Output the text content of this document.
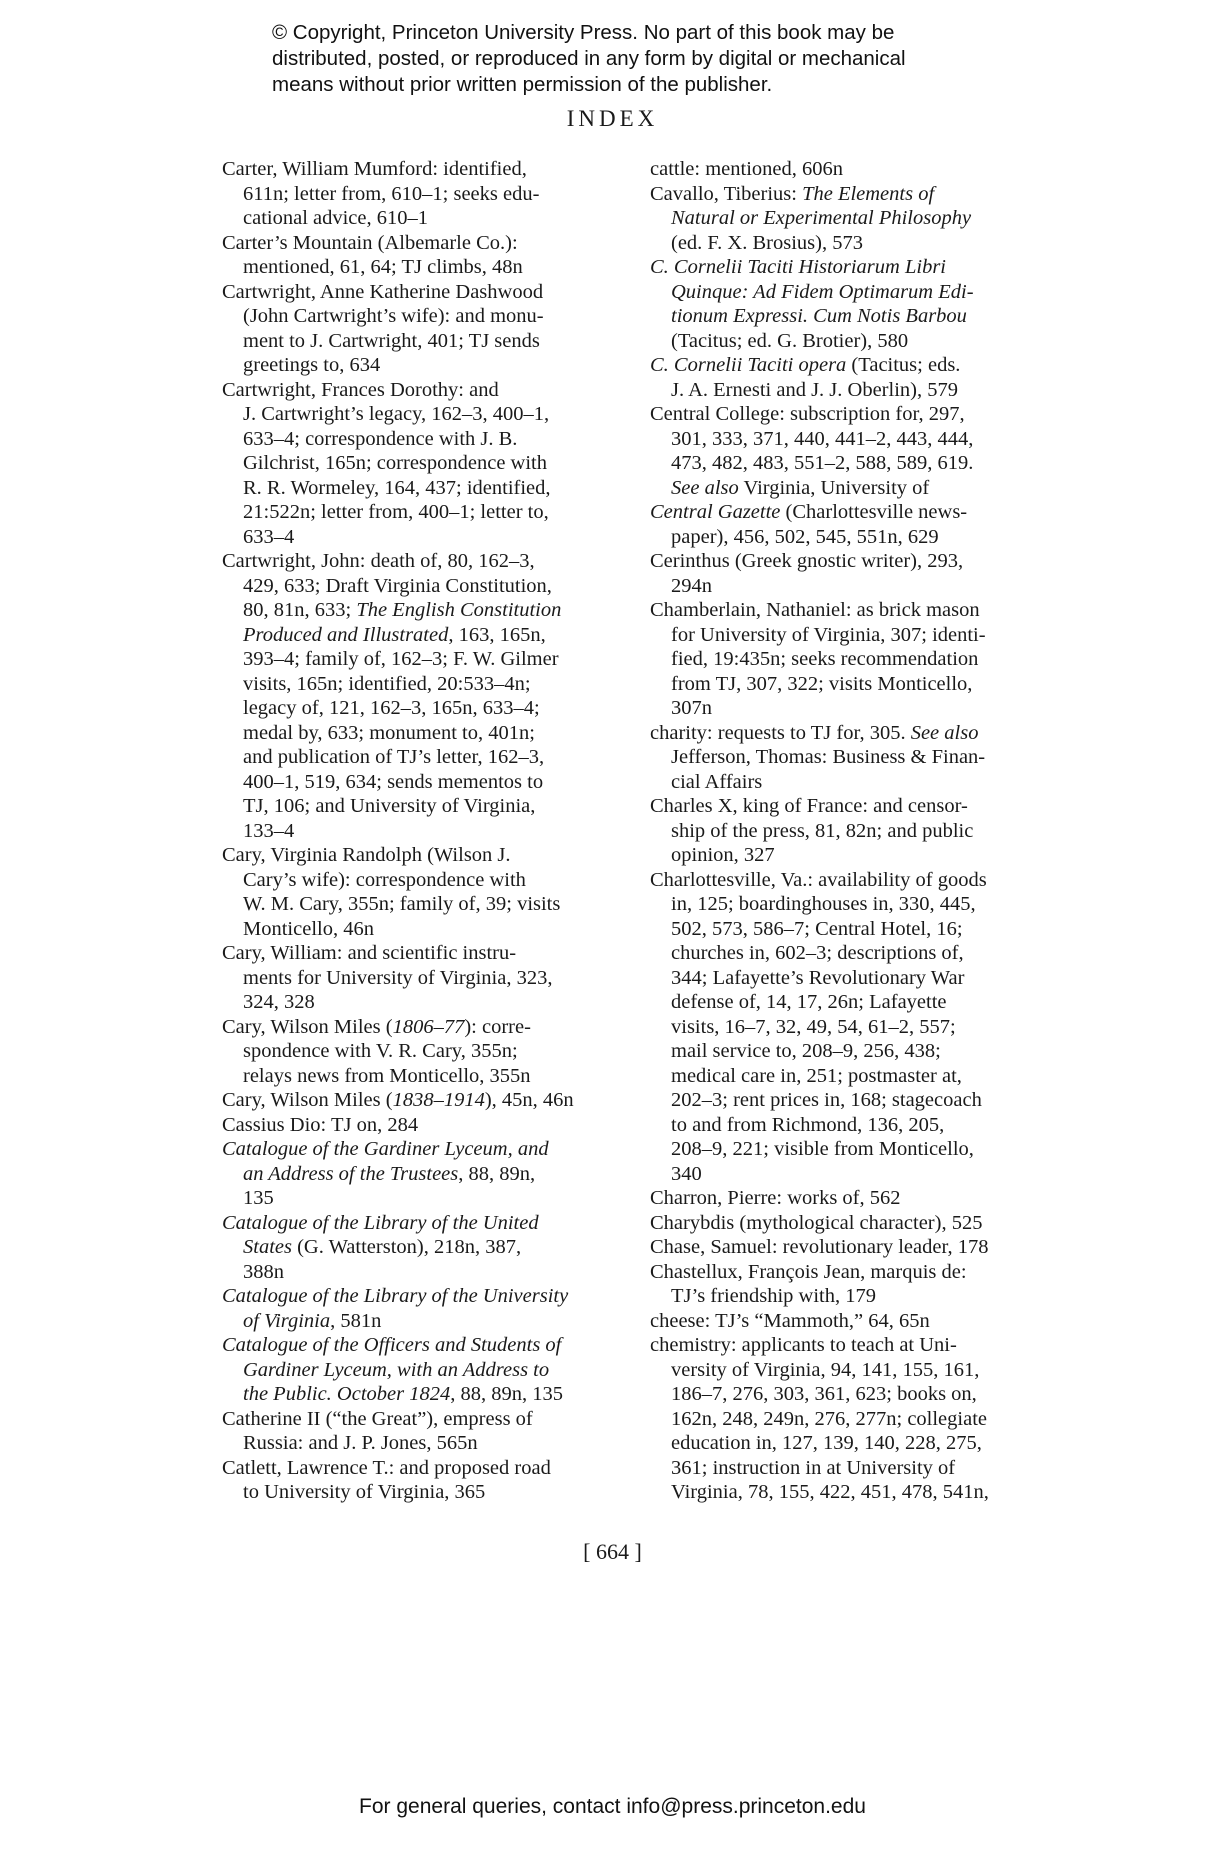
© Copyright, Princeton University Press. No part of this book may be
distributed, posted, or reproduced in any form by digital or mechanical
means without prior written permission of the publisher.
INDEX
Carter, William Mumford: identified,
611n; letter from, 610–1; seeks edu-
cational advice, 610–1
Carter’s Mountain (Albemarle Co.):
mentioned, 61, 64; TJ climbs, 48n
Cartwright, Anne Katherine Dashwood
(John Cartwright’s wife): and monu-
ment to J. Cartwright, 401; TJ sends
greetings to, 634
Cartwright, Frances Dorothy: and
J. Cartwright’s legacy, 162–3, 400–1,
633–4; correspondence with J. B.
Gilchrist, 165n; correspondence with
R. R. Wormeley, 164, 437; identified,
21:522n; letter from, 400–1; letter to,
633–4
Cartwright, John: death of, 80, 162–3,
429, 633; Draft Virginia Constitution,
80, 81n, 633; The English Constitution
Produced and Illustrated, 163, 165n,
393–4; family of, 162–3; F. W. Gilmer
visits, 165n; identified, 20:533–4n;
legacy of, 121, 162–3, 165n, 633–4;
medal by, 633; monument to, 401n;
and publication of TJ’s letter, 162–3,
400–1, 519, 634; sends mementos to
TJ, 106; and University of Virginia,
133–4
Cary, Virginia Randolph (Wilson J.
Cary’s wife): correspondence with
W. M. Cary, 355n; family of, 39; visits
Monticello, 46n
Cary, William: and scientific instru-
ments for University of Virginia, 323,
324, 328
Cary, Wilson Miles (1806–77): corre-
spondence with V. R. Cary, 355n;
relays news from Monticello, 355n
Cary, Wilson Miles (1838–1914), 45n, 46n
Cassius Dio: TJ on, 284
Catalogue of the Gardiner Lyceum, and
an Address of the Trustees, 88, 89n,
135
Catalogue of the Library of the United
States (G. Watterston), 218n, 387,
388n
Catalogue of the Library of the University
of Virginia, 581n
Catalogue of the Officers and Students of
Gardiner Lyceum, with an Address to
the Public. October 1824, 88, 89n, 135
Catherine II (“the Great”), empress of
Russia: and J. P. Jones, 565n
Catlett, Lawrence T.: and proposed road
to University of Virginia, 365
cattle: mentioned, 606n
Cavallo, Tiberius: The Elements of
Natural or Experimental Philosophy
(ed. F. X. Brosius), 573
C. Cornelii Taciti Historiarum Libri
Quinque: Ad Fidem Optimarum Edi-
tionum Expressi. Cum Notis Barbou
(Tacitus; ed. G. Brotier), 580
C. Cornelii Taciti opera (Tacitus; eds.
J. A. Ernesti and J. J. Oberlin), 579
Central College: subscription for, 297,
301, 333, 371, 440, 441–2, 443, 444,
473, 482, 483, 551–2, 588, 589, 619.
See also Virginia, University of
Central Gazette (Charlottesville news-
paper), 456, 502, 545, 551n, 629
Cerinthus (Greek gnostic writer), 293,
294n
Chamberlain, Nathaniel: as brick mason
for University of Virginia, 307; identi-
fied, 19:435n; seeks recommendation
from TJ, 307, 322; visits Monticello,
307n
charity: requests to TJ for, 305. See also
Jefferson, Thomas: Business & Finan-
cial Affairs
Charles X, king of France: and censor-
ship of the press, 81, 82n; and public
opinion, 327
Charlottesville, Va.: availability of goods
in, 125; boardinghouses in, 330, 445,
502, 573, 586–7; Central Hotel, 16;
churches in, 602–3; descriptions of,
344; Lafayette’s Revolutionary War
defense of, 14, 17, 26n; Lafayette
visits, 16–7, 32, 49, 54, 61–2, 557;
mail service to, 208–9, 256, 438;
medical care in, 251; postmaster at,
202–3; rent prices in, 168; stagecoach
to and from Richmond, 136, 205,
208–9, 221; visible from Monticello,
340
Charron, Pierre: works of, 562
Charybdis (mythological character), 525
Chase, Samuel: revolutionary leader, 178
Chastellux, François Jean, marquis de:
TJ’s friendship with, 179
cheese: TJ’s “Mammoth,” 64, 65n
chemistry: applicants to teach at Uni-
versity of Virginia, 94, 141, 155, 161,
186–7, 276, 303, 361, 623; books on,
162n, 248, 249n, 276, 277n; collegiate
education in, 127, 139, 140, 228, 275,
361; instruction in at University of
Virginia, 78, 155, 422, 451, 478, 541n,
[ 664 ]
For general queries, contact info@press.princeton.edu
